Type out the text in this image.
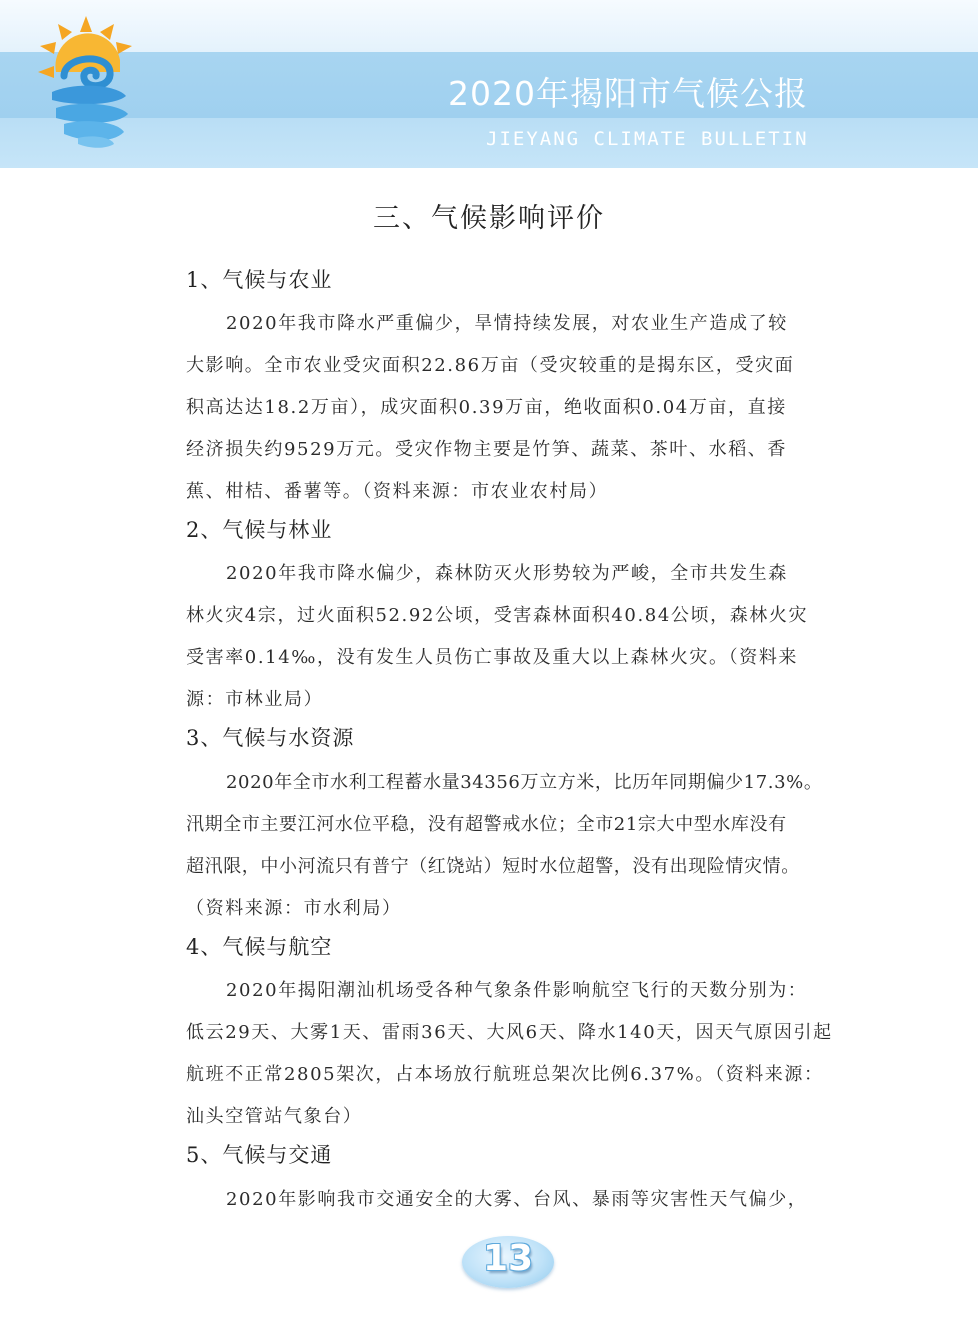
2020年揭阳市气候公报
JIEYANG CLIMATE BULLETIN
三、气候影响评价
1、气候与农业
2020年我市降水严重偏少，旱情持续发展，对农业生产造成了较
大影响。全市农业受灾面积22.86万亩（受灾较重的是揭东区，受灾面
积高达达18.2万亩），成灾面积0.39万亩，绝收面积0.04万亩，直接
经济损失约9529万元。受灾作物主要是竹笋、蔬菜、茶叶、水稻、香
蕉、柑桔、番薯等。（资料来源：市农业农村局）
2、气候与林业
2020年我市降水偏少，森林防灭火形势较为严峻，全市共发生森
林火灾4宗，过火面积52.92公顷，受害森林面积40.84公顷，森林火灾
受害率0.14‰，没有发生人员伤亡事故及重大以上森林火灾。（资料来
源：市林业局）
3、气候与水资源
2020年全市水利工程蓄水量34356万立方米，比历年同期偏少17.3%。
汛期全市主要江河水位平稳，没有超警戒水位；全市21宗大中型水库没有
超汛限，中小河流只有普宁（红饶站）短时水位超警，没有出现险情灾情。
（资料来源：市水利局）
4、气候与航空
2020年揭阳潮汕机场受各种气象条件影响航空飞行的天数分别为：
低云29天、大雾1天、雷雨36天、大风6天、降水140天，因天气原因引起
航班不正常2805架次，占本场放行航班总架次比例6.37%。（资料来源：
汕头空管站气象台）
5、气候与交通
2020年影响我市交通安全的大雾、台风、暴雨等灾害性天气偏少，
13
